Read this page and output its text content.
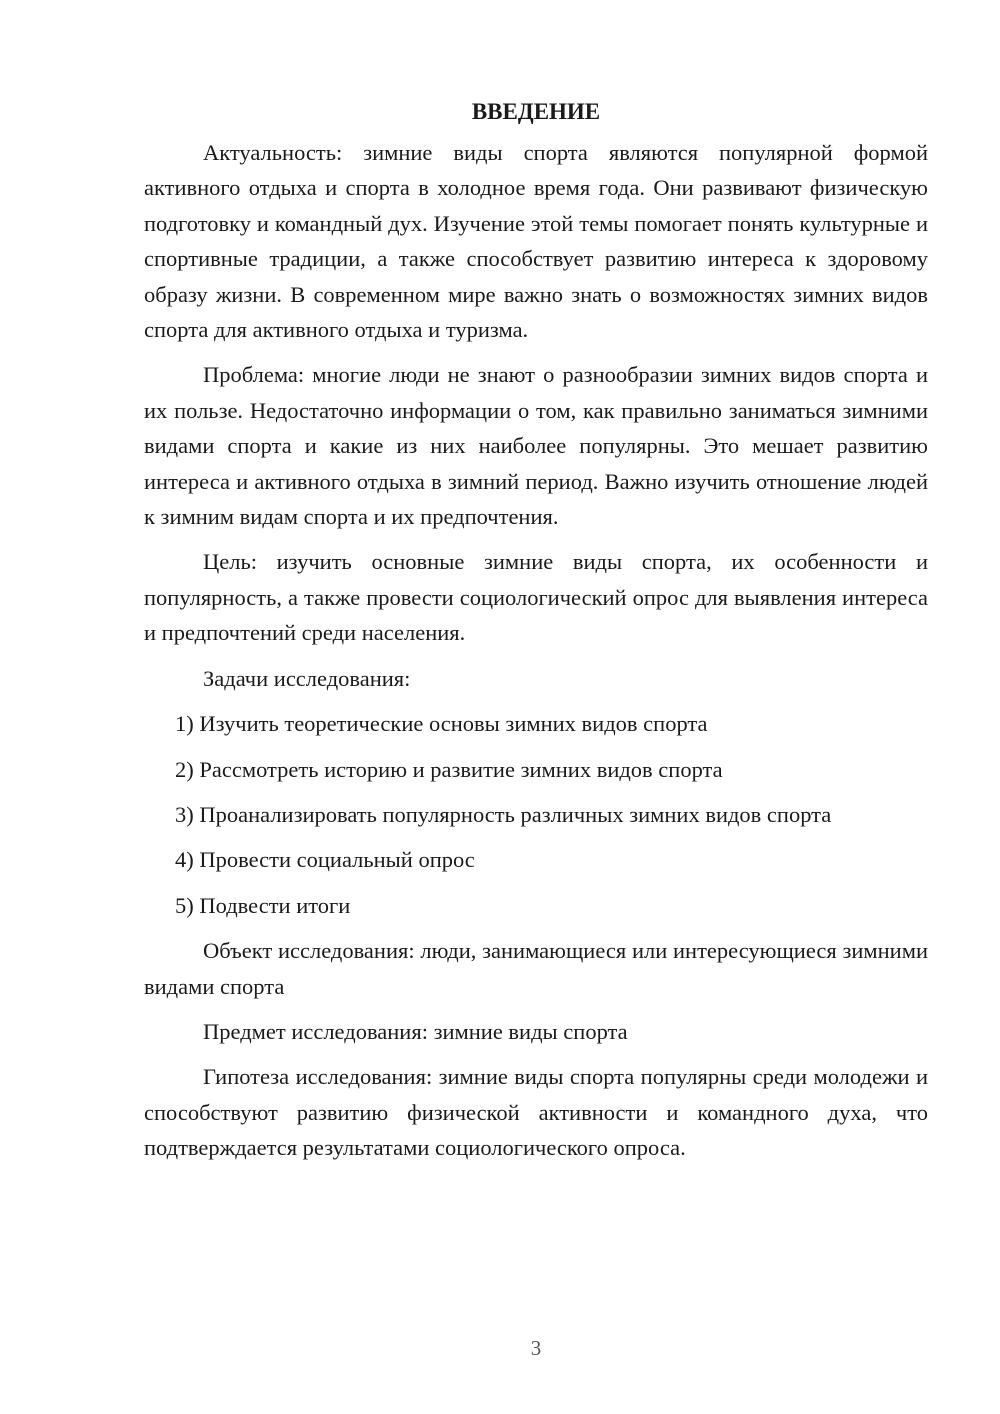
ВВЕДЕНИЕ

Актуальность: зимние виды спорта являются популярной формой активного отдыха и спорта в холодное время года. Они развивают физическую подготовку и командный дух. Изучение этой темы помогает понять культурные и спортивные традиции, а также способствует развитию интереса к здоровому образу жизни. В современном мире важно знать о возможностях зимних видов спорта для активного отдыха и туризма.

Проблема: многие люди не знают о разнообразии зимних видов спорта и их пользе. Недостаточно информации о том, как правильно заниматься зимними видами спорта и какие из них наиболее популярны. Это мешает развитию интереса и активного отдыха в зимний период. Важно изучить отношение людей к зимним видам спорта и их предпочтения.

Цель: изучить основные зимние виды спорта, их особенности и популярность, а также провести социологический опрос для выявления интереса и предпочтений среди населения.

Задачи исследования:

1) Изучить теоретические основы зимних видов спорта
2) Рассмотреть историю и развитие зимних видов спорта
3) Проанализировать популярность различных зимних видов спорта
4) Провести социальный опрос
5) Подвести итоги

Объект исследования: люди, занимающиеся или интересующиеся зимними видами спорта

Предмет исследования: зимние виды спорта

Гипотеза исследования: зимние виды спорта популярны среди молодежи и способствуют развитию физической активности и командного духа, что подтверждается результатами социологического опроса.

3
